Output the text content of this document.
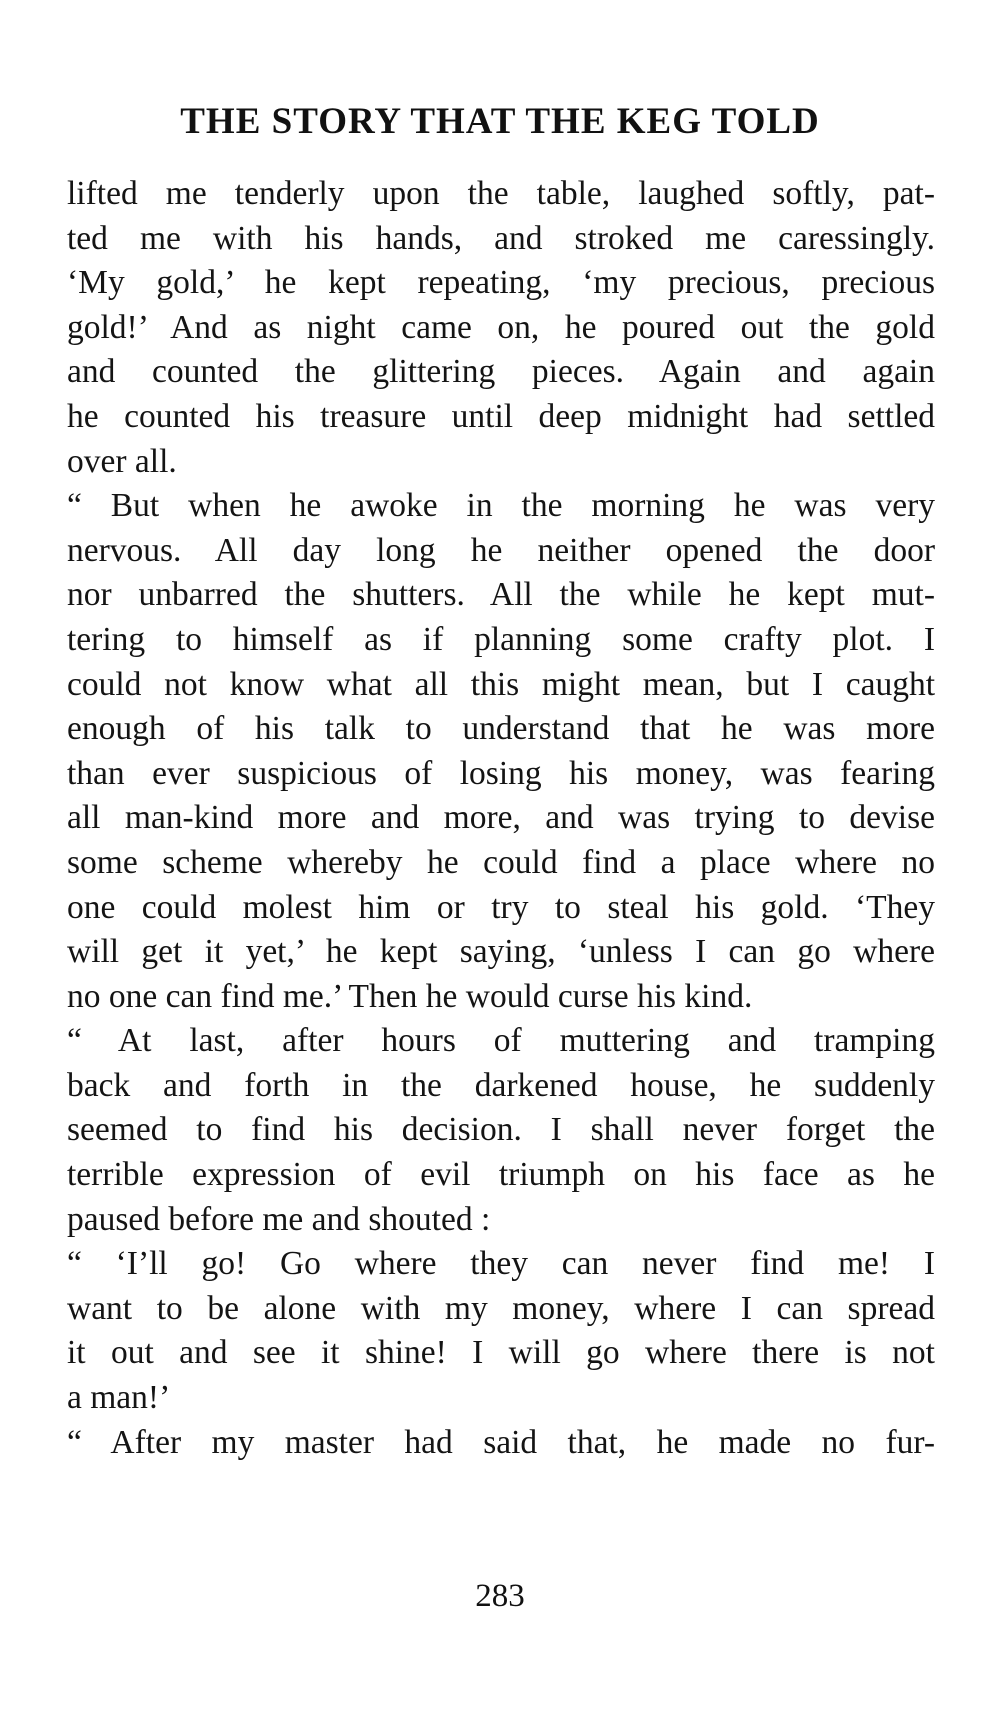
THE STORY THAT THE KEG TOLD
lifted me tenderly upon the table, laughed softly, pat-
ted me with his hands, and stroked me caressingly.
‘My gold,’ he kept repeating, ‘my precious, precious
gold!’ And as night came on, he poured out the gold
and counted the glittering pieces. Again and again
he counted his treasure until deep midnight had settled
over all.
“ But when he awoke in the morning he was very
nervous. All day long he neither opened the door
nor unbarred the shutters. All the while he kept mut-
tering to himself as if planning some crafty plot. I
could not know what all this might mean, but I caught
enough of his talk to understand that he was more
than ever suspicious of losing his money, was fearing
all man-kind more and more, and was trying to devise
some scheme whereby he could find a place where no
one could molest him or try to steal his gold. ‘They
will get it yet,’ he kept saying, ‘unless I can go where
no one can find me.’ Then he would curse his kind.
“ At last, after hours of muttering and tramping
back and forth in the darkened house, he suddenly
seemed to find his decision. I shall never forget the
terrible expression of evil triumph on his face as he
paused before me and shouted :
“ ‘I’ll go! Go where they can never find me! I
want to be alone with my money, where I can spread
it out and see it shine! I will go where there is not
a man!’
“ After my master had said that, he made no fur-
283
